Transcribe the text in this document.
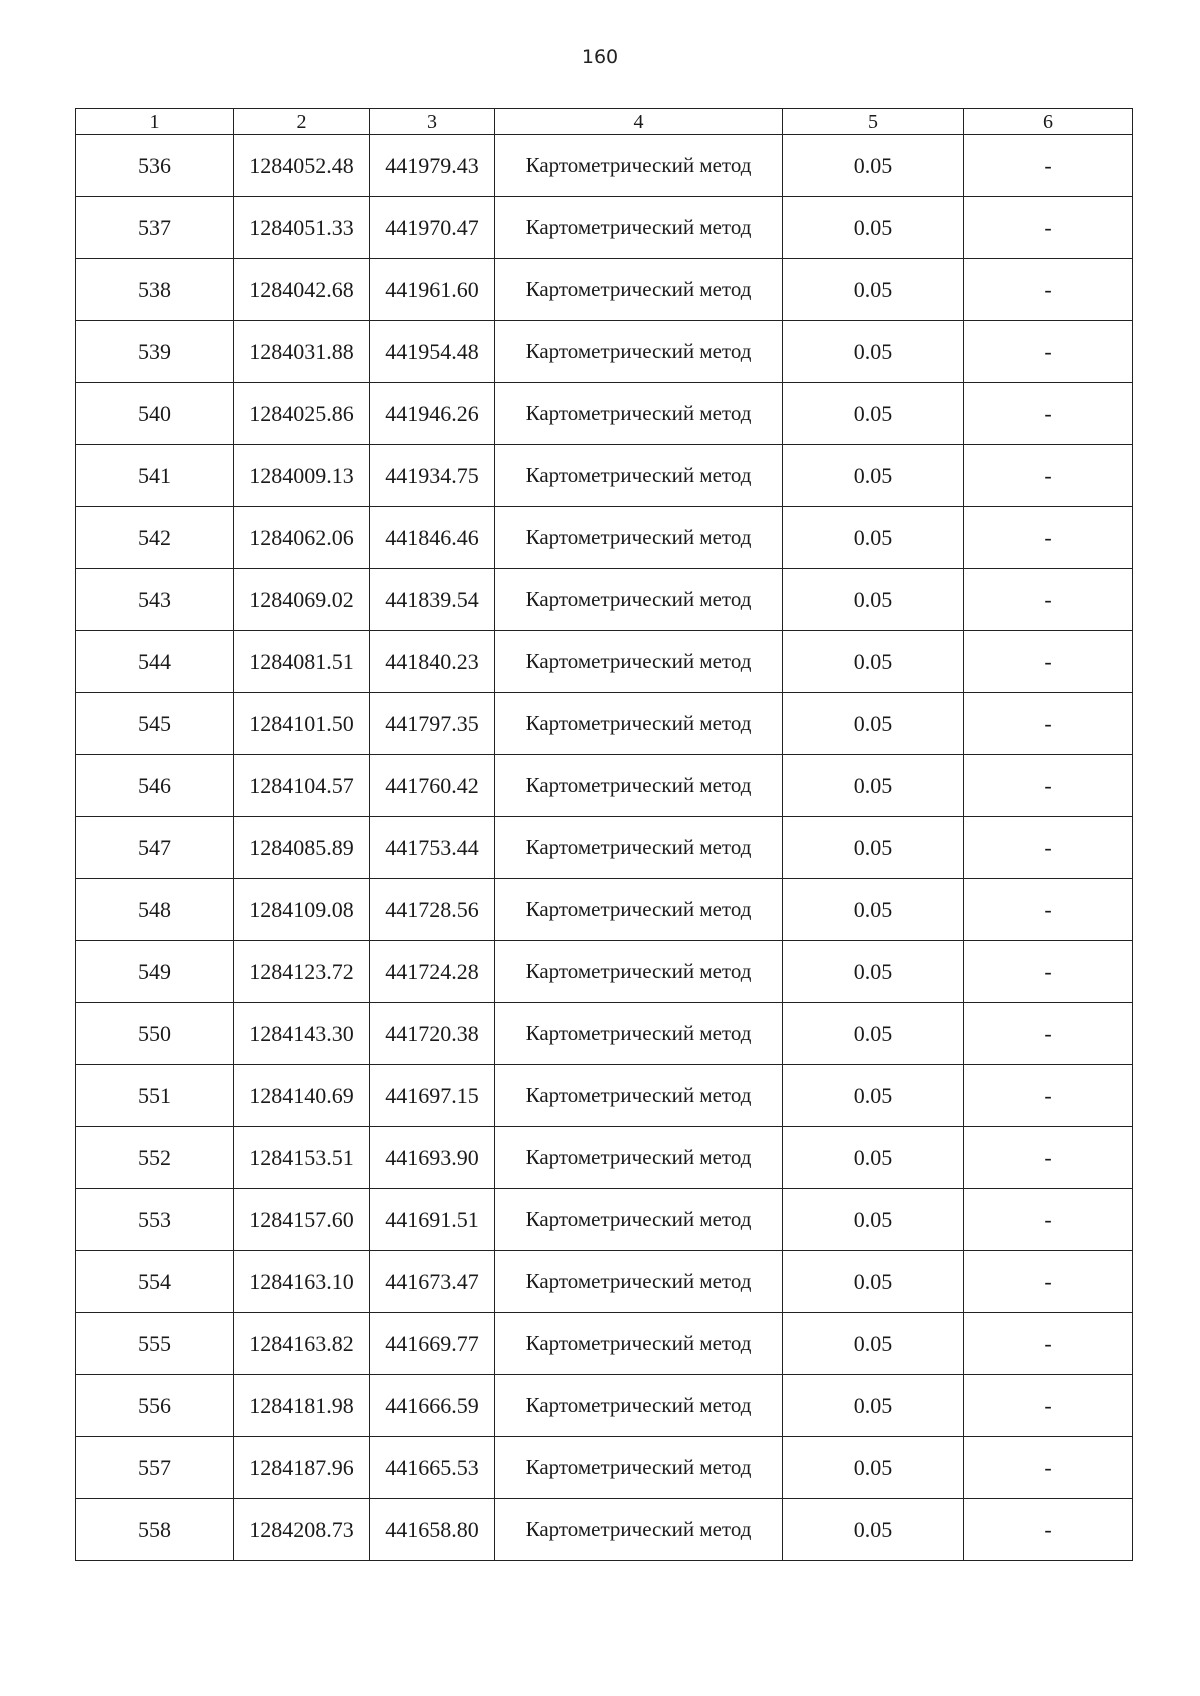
160
1	2	3	4	5	6
536	1284052.48	441979.43	Картометрический метод	0.05	-
537	1284051.33	441970.47	Картометрический метод	0.05	-
538	1284042.68	441961.60	Картометрический метод	0.05	-
539	1284031.88	441954.48	Картометрический метод	0.05	-
540	1284025.86	441946.26	Картометрический метод	0.05	-
541	1284009.13	441934.75	Картометрический метод	0.05	-
542	1284062.06	441846.46	Картометрический метод	0.05	-
543	1284069.02	441839.54	Картометрический метод	0.05	-
544	1284081.51	441840.23	Картометрический метод	0.05	-
545	1284101.50	441797.35	Картометрический метод	0.05	-
546	1284104.57	441760.42	Картометрический метод	0.05	-
547	1284085.89	441753.44	Картометрический метод	0.05	-
548	1284109.08	441728.56	Картометрический метод	0.05	-
549	1284123.72	441724.28	Картометрический метод	0.05	-
550	1284143.30	441720.38	Картометрический метод	0.05	-
551	1284140.69	441697.15	Картометрический метод	0.05	-
552	1284153.51	441693.90	Картометрический метод	0.05	-
553	1284157.60	441691.51	Картометрический метод	0.05	-
554	1284163.10	441673.47	Картометрический метод	0.05	-
555	1284163.82	441669.77	Картометрический метод	0.05	-
556	1284181.98	441666.59	Картометрический метод	0.05	-
557	1284187.96	441665.53	Картометрический метод	0.05	-
558	1284208.73	441658.80	Картометрический метод	0.05	-
